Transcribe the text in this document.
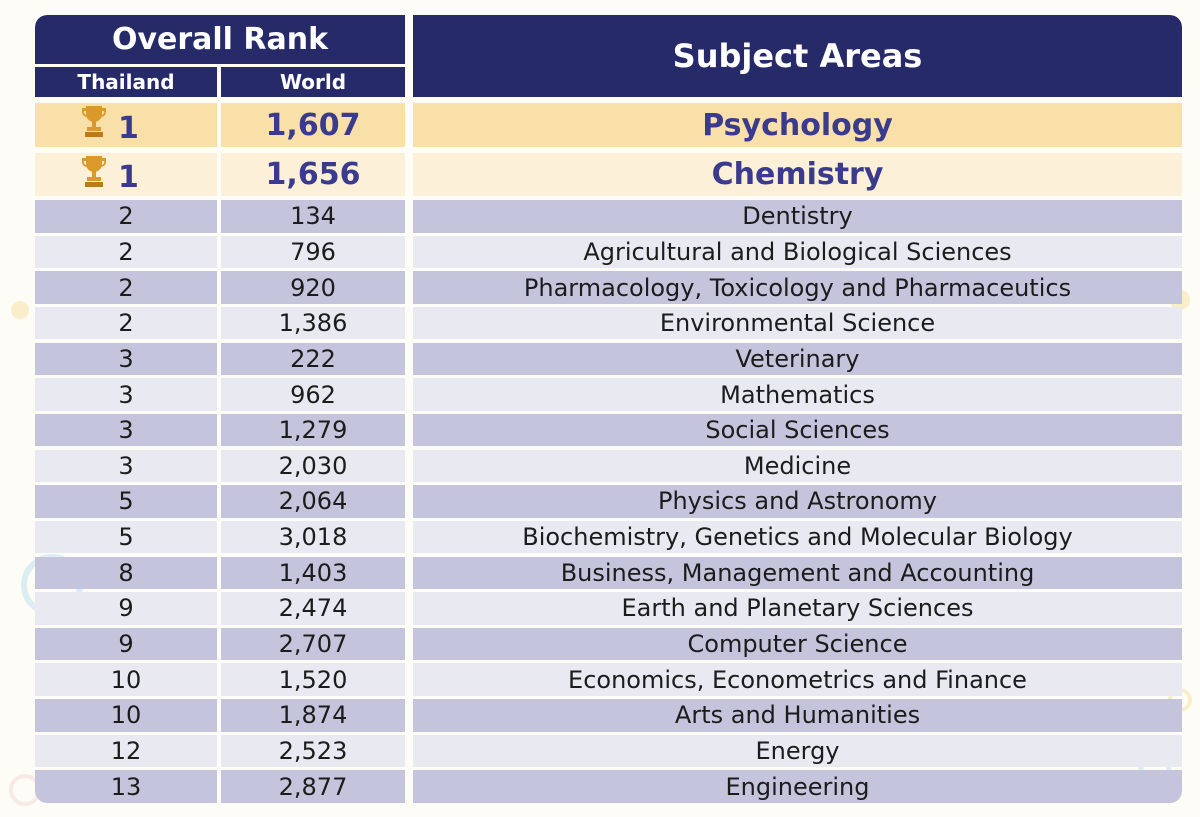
Overall Rank
Thailand	World
Subject Areas
1	1,607	Psychology
1	1,656	Chemistry
2	134	Dentistry
2	796	Agricultural and Biological Sciences
2	920	Pharmacology, Toxicology and Pharmaceutics
2	1,386	Environmental Science
3	222	Veterinary
3	962	Mathematics
3	1,279	Social Sciences
3	2,030	Medicine
5	2,064	Physics and Astronomy
5	3,018	Biochemistry, Genetics and Molecular Biology
8	1,403	Business, Management and Accounting
9	2,474	Earth and Planetary Sciences
9	2,707	Computer Science
10	1,520	Economics, Econometrics and Finance
10	1,874	Arts and Humanities
12	2,523	Energy
13	2,877	Engineering
